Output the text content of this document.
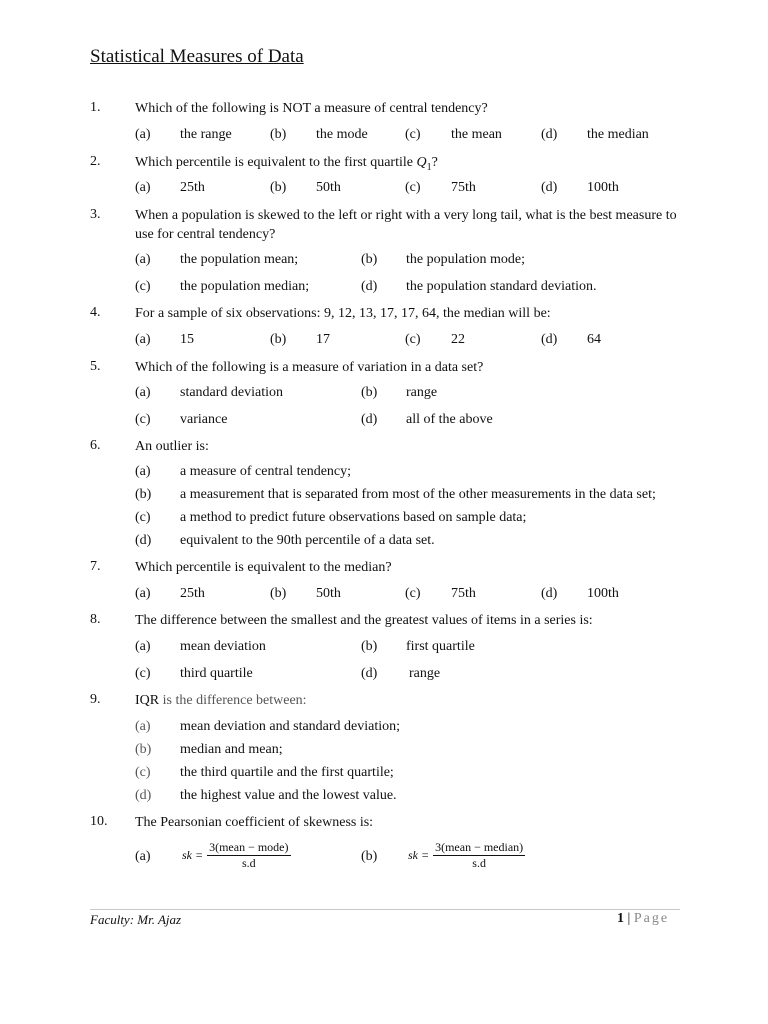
Statistical Measures of Data
1. Which of the following is NOT a measure of central tendency?
(a) the range	(b) the mode	(c) the mean	(d) the median
2. Which percentile is equivalent to the first quartile $Q_1$?
(a) 25th	(b) 50th	(c) 75th	(d) 100th
3. When a population is skewed to the left or right with a very long tail, what is the best measure to use for central tendency?
(a) the population mean;	(b) the population mode;
(c) the population median;	(d) the population standard deviation.
4. For a sample of six observations: 9, 12, 13, 17, 17, 64, the median will be:
(a) 15	(b) 17	(c) 22	(d) 64
5. Which of the following is a measure of variation in a data set?
(a) standard deviation	(b) range
(c) variance	(d) all of the above
6. An outlier is:
(a) a measure of central tendency;
(b) a measurement that is separated from most of the other measurements in the data set;
(c) a method to predict future observations based on sample data;
(d) equivalent to the 90th percentile of a data set.
7. Which percentile is equivalent to the median?
(a) 25th	(b) 50th	(c) 75th	(d) 100th
8. The difference between the smallest and the greatest values of items in a series is:
(a) mean deviation	(b) first quartile
(c) third quartile	(d) range
9. IQR is the difference between:
(a) mean deviation and standard deviation;
(b) median and mean;
(c) the third quartile and the first quartile;
(d) the highest value and the lowest value.
10. The Pearsonian coefficient of skewness is:
(a)	sk = $\frac{\text{3(mean − mode)}}{s.d}$	(b)	sk = $\frac{\text{3(mean − median)}}{s.d}$
Faculty: Mr. Ajaz	1 | Page
